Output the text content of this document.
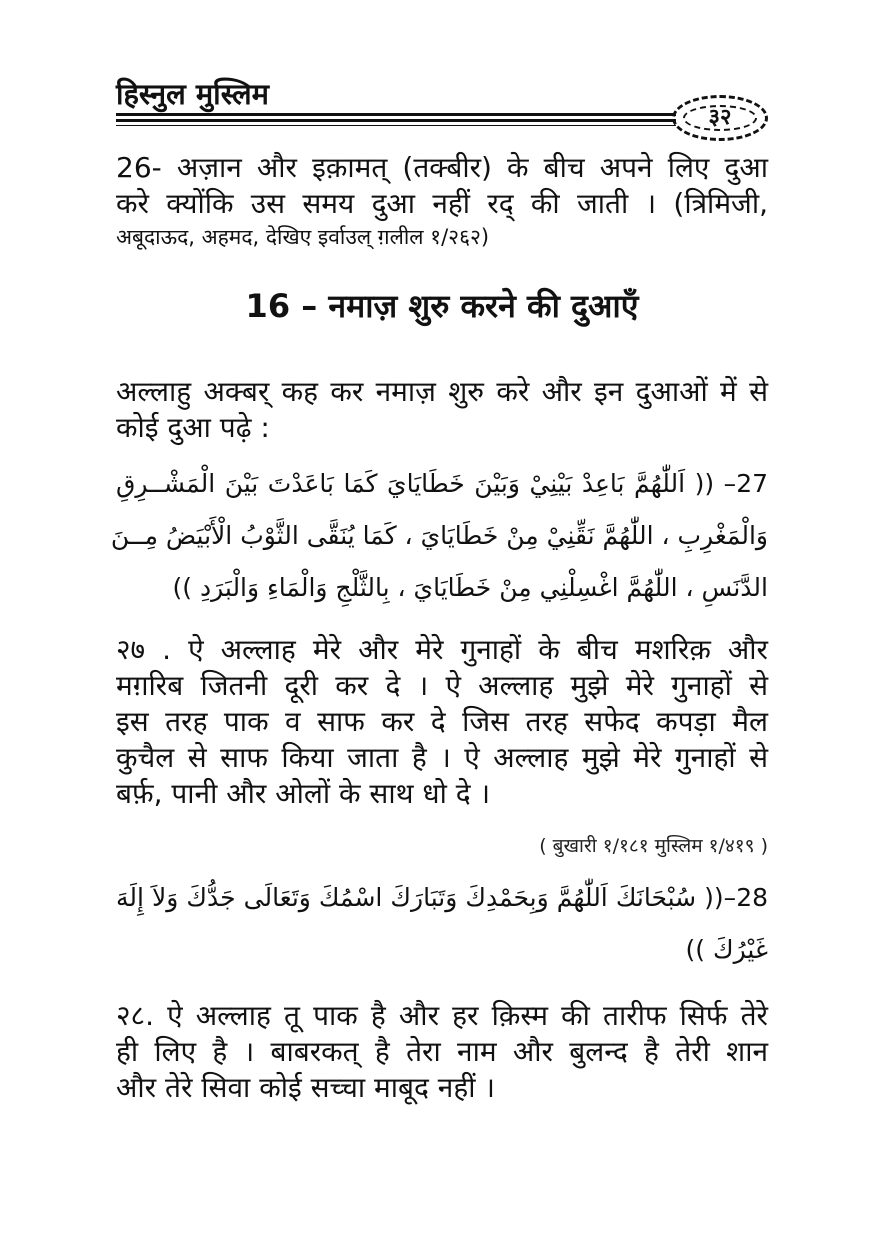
हिस्नुल मुस्लिम
३२
26- अज़ान और इक़ामत् (तक्बीर) के बीच अपने लिए दुआ
करे क्योंकि उस समय दुआ नहीं रद् की जाती । (त्रिमिजी,
अबूदाऊद, अहमद, देखिए इर्वाउल् ग़लील १/२६२)
16 – नमाज़ शुरु करने की दुआएँ
अल्लाहु अक्बर् कह कर नमाज़ शुरु करे और इन दुआओं में से
कोई दुआ पढ़े :
27– (( اَللّٰهُمَّ بَاعِدْ بَيْنِيْ وَبَيْنَ خَطَايَايَ كَمَا بَاعَدْتَ بَيْنَ الْمَشْــرِقِ
وَالْمَغْرِبِ ، اللّٰهُمَّ نَقِّنِيْ مِنْ خَطَايَايَ ، كَمَا يُنَقَّى الثَّوْبُ الْأَبْيَضُ مِــنَ
الدَّنَسِ ، اللّٰهُمَّ اغْسِلْنِي مِنْ خَطَايَايَ ، بِالثَّلْجِ وَالْمَاءِ وَالْبَرَدِ ))
२७ . ऐ अल्लाह मेरे और मेरे गुनाहों के बीच मशरिक़ और
मग़रिब जितनी दूरी कर दे । ऐ अल्लाह मुझे मेरे गुनाहों से
इस तरह पाक व साफ कर दे जिस तरह सफेद कपड़ा मैल
कुचैल से साफ किया जाता है । ऐ अल्लाह मुझे मेरे गुनाहों से
बर्फ़, पानी और ओलों के साथ धो दे ।
( बुखारी १/१८१ मुस्लिम १/४१९ )
28–(( سُبْحَانَكَ اَللّٰهُمَّ وَبِحَمْدِكَ وَتَبَارَكَ اسْمُكَ وَتَعَالَى جَدُّكَ وَلاَ إِلَهَ
غَيْرُكَ ))
२८. ऐ अल्लाह तू पाक है और हर क़िस्म की तारीफ सिर्फ तेरे
ही लिए है । बाबरकत् है तेरा नाम और बुलन्द है तेरी शान
और तेरे सिवा कोई सच्चा माबूद नहीं ।
